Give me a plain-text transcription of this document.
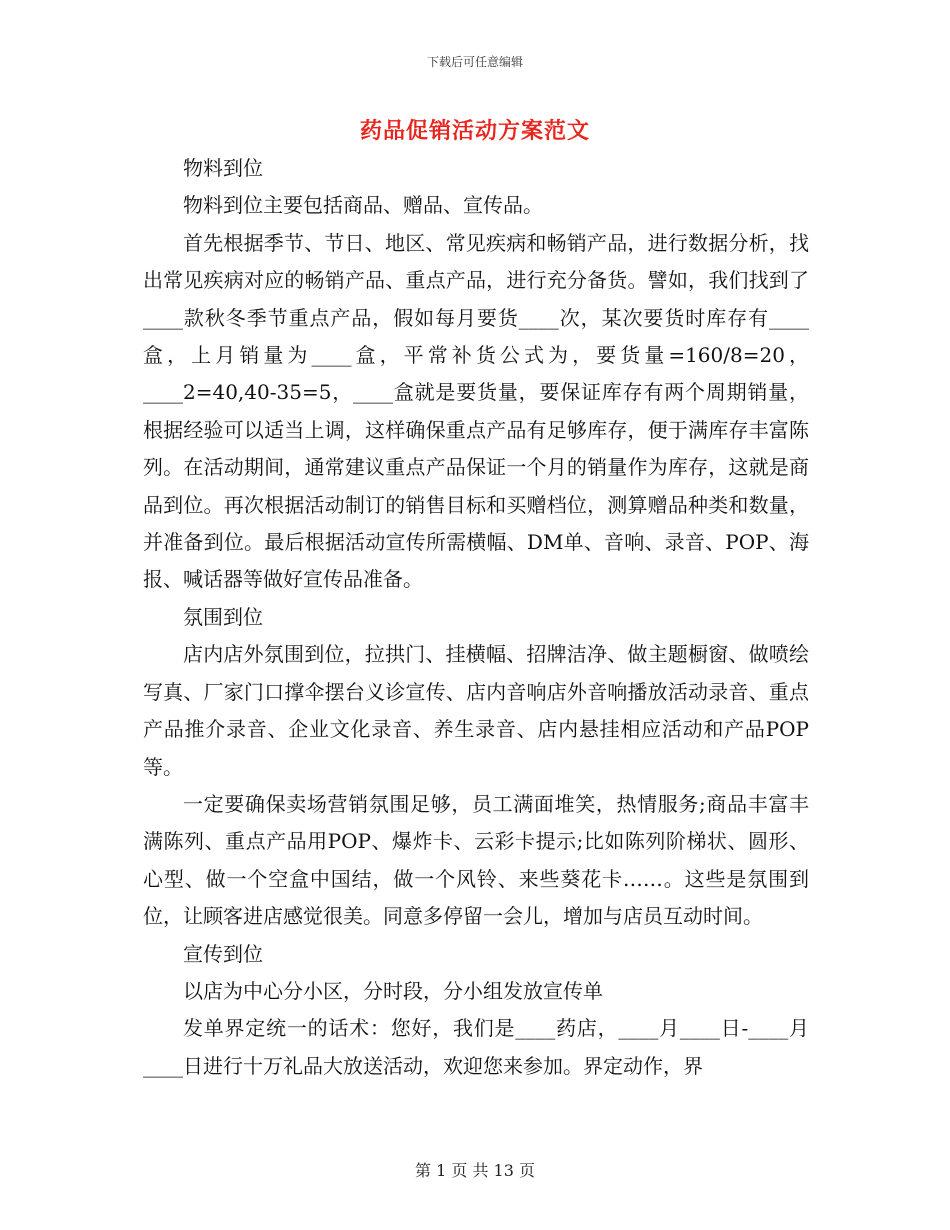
下载后可任意编辑
药品促销活动方案范文

物料到位

物料到位主要包括商品、赠品、宣传品。

首先根据季节、节日、地区、常见疾病和畅销产品，进行数据分析，找出常见疾病对应的畅销产品、重点产品，进行充分备货。譬如，我们找到了____款秋冬季节重点产品，假如每月要货____次，某次要货时库存有____盒，上月销量为____盒，平常补货公式为，要货量=160/8=20，____2=40,40-35=5，____盒就是要货量，要保证库存有两个周期销量，根据经验可以适当上调，这样确保重点产品有足够库存，便于满库存丰富陈列。在活动期间，通常建议重点产品保证一个月的销量作为库存，这就是商品到位。再次根据活动制订的销售目标和买赠档位，测算赠品种类和数量，并准备到位。最后根据活动宣传所需横幅、DM单、音响、录音、POP、海报、喊话器等做好宣传品准备。

氛围到位

店内店外氛围到位，拉拱门、挂横幅、招牌洁净、做主题橱窗、做喷绘写真、厂家门口撑伞摆台义诊宣传、店内音响店外音响播放活动录音、重点产品推介录音、企业文化录音、养生录音、店内悬挂相应活动和产品POP等。

一定要确保卖场营销氛围足够，员工满面堆笑，热情服务;商品丰富丰满陈列、重点产品用POP、爆炸卡、云彩卡提示;比如陈列阶梯状、圆形、心型、做一个空盒中国结，做一个风铃、来些葵花卡……。这些是氛围到位，让顾客进店感觉很美。同意多停留一会儿，增加与店员互动时间。

宣传到位

以店为中心分小区，分时段，分小组发放宣传单

发单界定统一的话术：您好，我们是____药店，____月____日-____月____日进行十万礼品大放送活动，欢迎您来参加。界定动作，界

第 1 页 共 13 页
